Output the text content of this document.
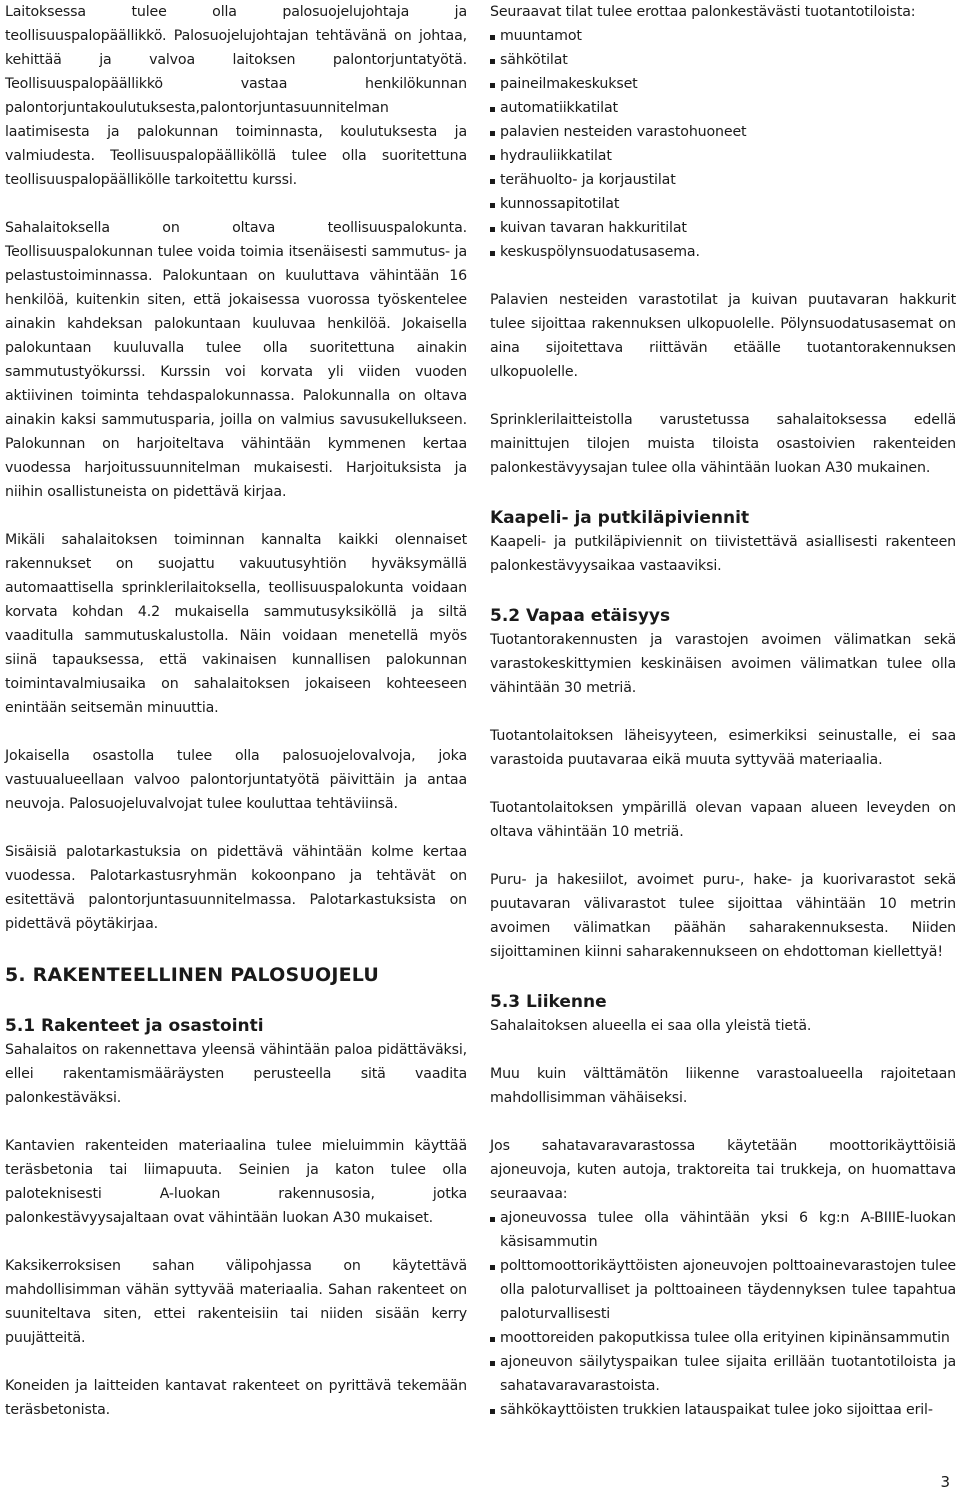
Laitoksessa tulee olla palosuojelujohtaja ja teollisuuspalopäällikkö. Palosuojelujohtajan tehtävänä on johtaa, kehittää ja valvoa laitoksen palontorjuntatyötä. Teollisuuspalopäällikkö vastaa henkilökunnan palontorjuntakoulutuksesta,palontorjuntasuunnitelman laatimisesta ja palokunnan toiminnasta, koulutuksesta ja valmiudesta. Teollisuuspalopäälliköllä tulee olla suoritettuna teollisuuspalopäällikölle tarkoitettu kurssi.

Sahalaitoksella on oltava teollisuuspalokunta. Teollisuuspalokunnan tulee voida toimia itsenäisesti sammutus- ja pelastustoiminnassa. Palokuntaan on kuuluttava vähintään 16 henkilöä, kuitenkin siten, että jokaisessa vuorossa työskentelee ainakin kahdeksan palokuntaan kuuluvaa henkilöä. Jokaisella palokuntaan kuuluvalla tulee olla suoritettuna ainakin sammutustyökurssi. Kurssin voi korvata yli viiden vuoden aktiivinen toiminta tehdaspalokunnassa. Palokunnalla on oltava ainakin kaksi sammutusparia, joilla on valmius savusukellukseen. Palokunnan on harjoiteltava vähintään kymmenen kertaa vuodessa harjoitussuunnitelman mukaisesti. Harjoituksista ja niihin osallistuneista on pidettävä kirjaa.

Mikäli sahalaitoksen toiminnan kannalta kaikki olennaiset rakennukset on suojattu vakuutusyhtiön hyväksymällä automaattisella sprinklerilaitoksella, teollisuuspalokunta voidaan korvata kohdan 4.2 mukaisella sammutusyksiköllä ja siltä vaaditulla sammutuskalustolla. Näin voidaan menetellä myös siinä tapauksessa, että vakinaisen kunnallisen palokunnan toimintavalmiusaika on sahalaitoksen jokaiseen kohteeseen enintään seitsemän minuuttia.

Jokaisella osastolla tulee olla palosuojelovalvoja, joka vastuualueellaan valvoo palontorjuntatyötä päivittäin ja antaa neuvoja. Palosuojeluvalvojat tulee kouluttaa tehtäviinsä.

Sisäisiä palotarkastuksia on pidettävä vähintään kolme kertaa vuodessa. Palotarkastusryhmän kokoonpano ja tehtävät on esitettävä palontorjuntasuunnitelmassa. Palotarkastuksista on pidettävä pöytäkirjaa.

5. RAKENTEELLINEN PALOSUOJELU
5.1 Rakenteet ja osastointi

Sahalaitos on rakennettava yleensä vähintään paloa pidättäväksi, ellei rakentamismääräysten perusteella sitä vaadita palonkestäväksi.

Kantavien rakenteiden materiaalina tulee mieluimmin käyttää teräsbetonia tai liimapuuta. Seinien ja katon tulee olla paloteknisesti A-luokan rakennusosia, jotka palonkestävyysajaltaan ovat vähintään luokan A30 mukaiset.

Kaksikerroksisen sahan välipohjassa on käytettävä mahdollisimman vähän syttyvää materiaalia. Sahan rakenteet on suuniteltava siten, ettei rakenteisiin tai niiden sisään kerry puujätteitä.

Koneiden ja laitteiden kantavat rakenteet on pyrittävä tekemään teräsbetonista.

Seuraavat tilat tulee erottaa palonkestävästi tuotantotiloista:

muuntamot
sähkötilat
paineilmakeskukset
automatiikkatilat
palavien nesteiden varastohuoneet
hydrauliikkatilat
terähuolto- ja korjaustilat
kunnossapitotilat
kuivan tavaran hakkuritilat
keskuspölynsuodatusasema.

Palavien nesteiden varastotilat ja kuivan puutavaran hakkurit tulee sijoittaa rakennuksen ulkopuolelle. Pölynsuodatusasemat on aina sijoitettava riittävän etäälle tuotantorakennuksen ulkopuolelle.

Sprinklerilaitteistolla varustetussa sahalaitoksessa edellä mainittujen tilojen muista tiloista osastoivien rakenteiden palonkestävyysajan tulee olla vähintään luokan A30 mukainen.

Kaapeli- ja putkiläpiviennit

Kaapeli- ja putkiläpiviennit on tiivistettävä asiallisesti rakenteen palonkestävyysaikaa vastaaviksi.

5.2 Vapaa etäisyys

Tuotantorakennusten ja varastojen avoimen välimatkan sekä varastokeskittymien keskinäisen avoimen välimatkan tulee olla vähintään 30 metriä.

Tuotantolaitoksen läheisyyteen, esimerkiksi seinustalle, ei saa varastoida puutavaraa eikä muuta syttyvää materiaalia.

Tuotantolaitoksen ympärillä olevan vapaan alueen leveyden on oltava vähintään 10 metriä.

Puru- ja hakesiilot, avoimet puru-, hake- ja kuorivarastot sekä puutavaran välivarastot tulee sijoittaa vähintään 10 metrin avoimen välimatkan päähän saharakennuksesta. Niiden sijoittaminen kiinni saharakennukseen on ehdottoman kiellettyä!

5.3 Liikenne

Sahalaitoksen alueella ei saa olla yleistä tietä.

Muu kuin välttämätön liikenne varastoalueella rajoitetaan mahdollisimman vähäiseksi.

Jos sahatavaravarastossa käytetään moottorikäyttöisiä ajoneuvoja, kuten autoja, traktoreita tai trukkeja, on huomattava seuraavaa:

ajoneuvossa tulee olla vähintään yksi 6 kg:n A-BIIIE-luokan käsisammutin
polttomoottorikäyttöisten ajoneuvojen polttoainevarastojen tulee olla paloturvalliset ja polttoaineen täydennyksen tulee tapahtua paloturvallisesti
moottoreiden pakoputkissa tulee olla erityinen kipinänsammutin
ajoneuvon säilytyspaikan tulee sijaita erillään tuotantotiloista ja sahatavaravarastoista.
sähkökayttöisten trukkien latauspaikat tulee joko sijoittaa eril-
3
